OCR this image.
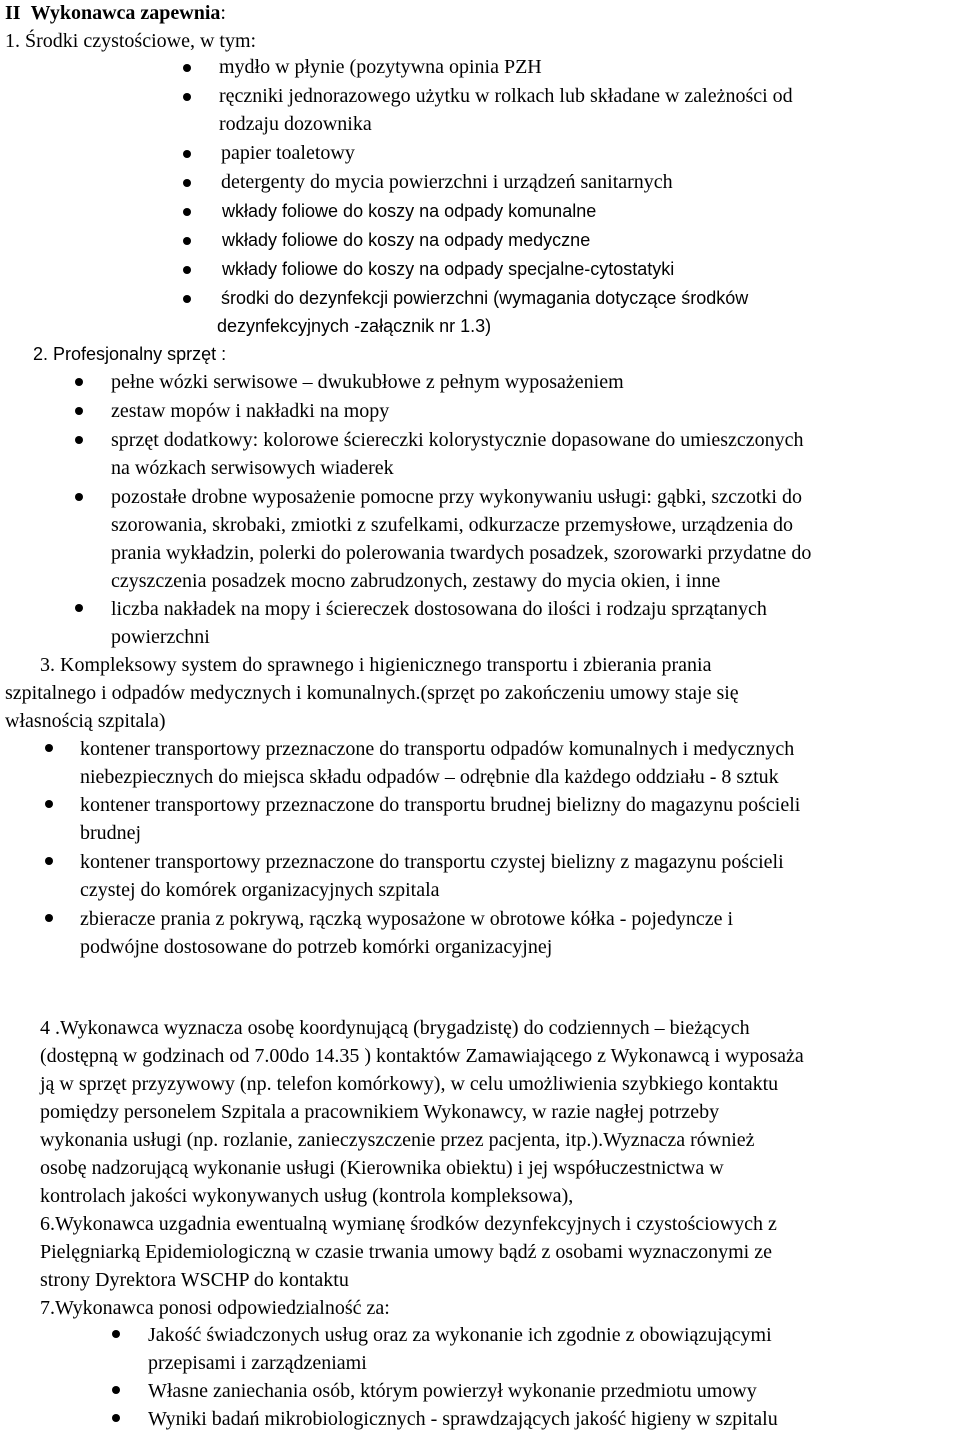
II Wykonawca zapewnia:
1. Środki czystościowe, w tym:
mydło w płynie (pozytywna opinia PZH
ręczniki jednorazowego użytku w rolkach lub składane w zależności od
rodzaju dozownika
papier toaletowy
detergenty do mycia powierzchni i urządzeń sanitarnych
wkłady foliowe do koszy na odpady komunalne
wkłady foliowe do koszy na odpady medyczne
wkłady foliowe do koszy na odpady specjalne-cytostatyki
środki do dezynfekcji powierzchni (wymagania dotyczące środków
dezynfekcyjnych -załącznik nr 1.3)
2. Profesjonalny sprzęt :
pełne wózki serwisowe – dwukubłowe z pełnym wyposażeniem
zestaw mopów i nakładki na mopy
sprzęt dodatkowy: kolorowe ściereczki kolorystycznie dopasowane do umieszczonych
na wózkach serwisowych wiaderek
pozostałe drobne wyposażenie pomocne przy wykonywaniu usługi: gąbki, szczotki do
szorowania, skrobaki, zmiotki z szufelkami, odkurzacze przemysłowe, urządzenia do
prania wykładzin, polerki do polerowania twardych posadzek, szorowarki przydatne do
czyszczenia posadzek mocno zabrudzonych, zestawy do mycia okien, i inne
liczba nakładek na mopy i ściereczek dostosowana do ilości i rodzaju sprzątanych
powierzchni
3. Kompleksowy system do sprawnego i higienicznego transportu i zbierania prania
szpitalnego i odpadów medycznych i komunalnych.(sprzęt po zakończeniu umowy staje się
własnością szpitala)
kontener transportowy przeznaczone do transportu odpadów komunalnych i medycznych
niebezpiecznych do miejsca składu odpadów – odrębnie dla każdego oddziału - 8 sztuk
kontener transportowy przeznaczone do transportu brudnej bielizny do magazynu pościeli
brudnej
kontener transportowy przeznaczone do transportu czystej bielizny z magazynu pościeli
czystej do komórek organizacyjnych szpitala
zbieracze prania z pokrywą, rączką wyposażone w obrotowe kółka - pojedyncze i
podwójne dostosowane do potrzeb komórki organizacyjnej
4 .Wykonawca wyznacza osobę koordynującą (brygadzistę) do codziennych – bieżących
(dostępną w godzinach od 7.00do 14.35 ) kontaktów Zamawiającego z Wykonawcą i wyposaża
ją w sprzęt przyzywowy (np. telefon komórkowy), w celu umożliwienia szybkiego kontaktu
pomiędzy personelem Szpitala a pracownikiem Wykonawcy, w razie nagłej potrzeby
wykonania usługi (np. rozlanie, zanieczyszczenie przez pacjenta, itp.).Wyznacza również
osobę nadzorującą wykonanie usługi (Kierownika obiektu) i jej współuczestnictwa w
kontrolach jakości wykonywanych usług (kontrola kompleksowa),
6.Wykonawca uzgadnia ewentualną wymianę środków dezynfekcyjnych i czystościowych z
Pielęgniarką Epidemiologiczną w czasie trwania umowy bądź z osobami wyznaczonymi ze
strony Dyrektora WSCHP do kontaktu
7.Wykonawca ponosi odpowiedzialność za:
Jakość świadczonych usług oraz za wykonanie ich zgodnie z obowiązującymi
przepisami i zarządzeniami
Własne zaniechania osób, którym powierzył wykonanie przedmiotu umowy
Wyniki badań mikrobiologicznych - sprawdzających jakość higieny w szpitalu
